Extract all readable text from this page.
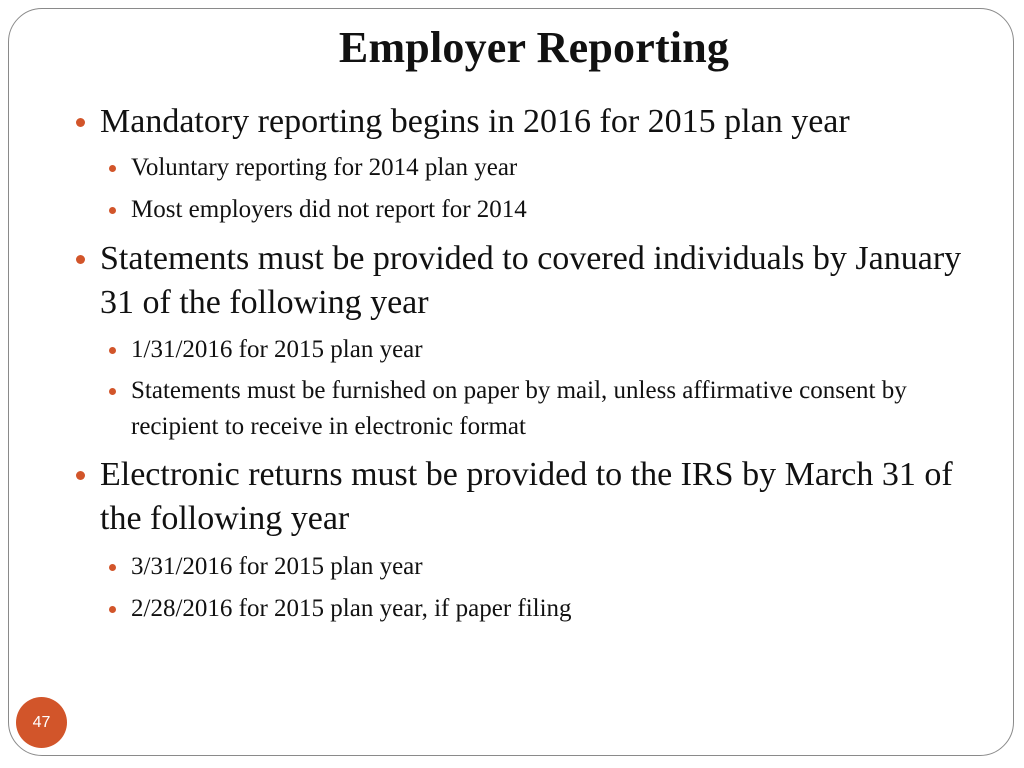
Employer Reporting

Mandatory reporting begins in 2016 for 2015 plan year

Voluntary reporting for 2014 plan year

Most employers did not report for 2014

Statements must be provided to covered individuals by January 31 of the following year

1/31/2016 for 2015 plan year

Statements must be furnished on paper by mail, unless affirmative consent by recipient to receive in electronic format

Electronic returns must be provided to the IRS by March 31 of the following year

3/31/2016 for 2015 plan year

2/28/2016 for 2015 plan year, if paper filing

47
